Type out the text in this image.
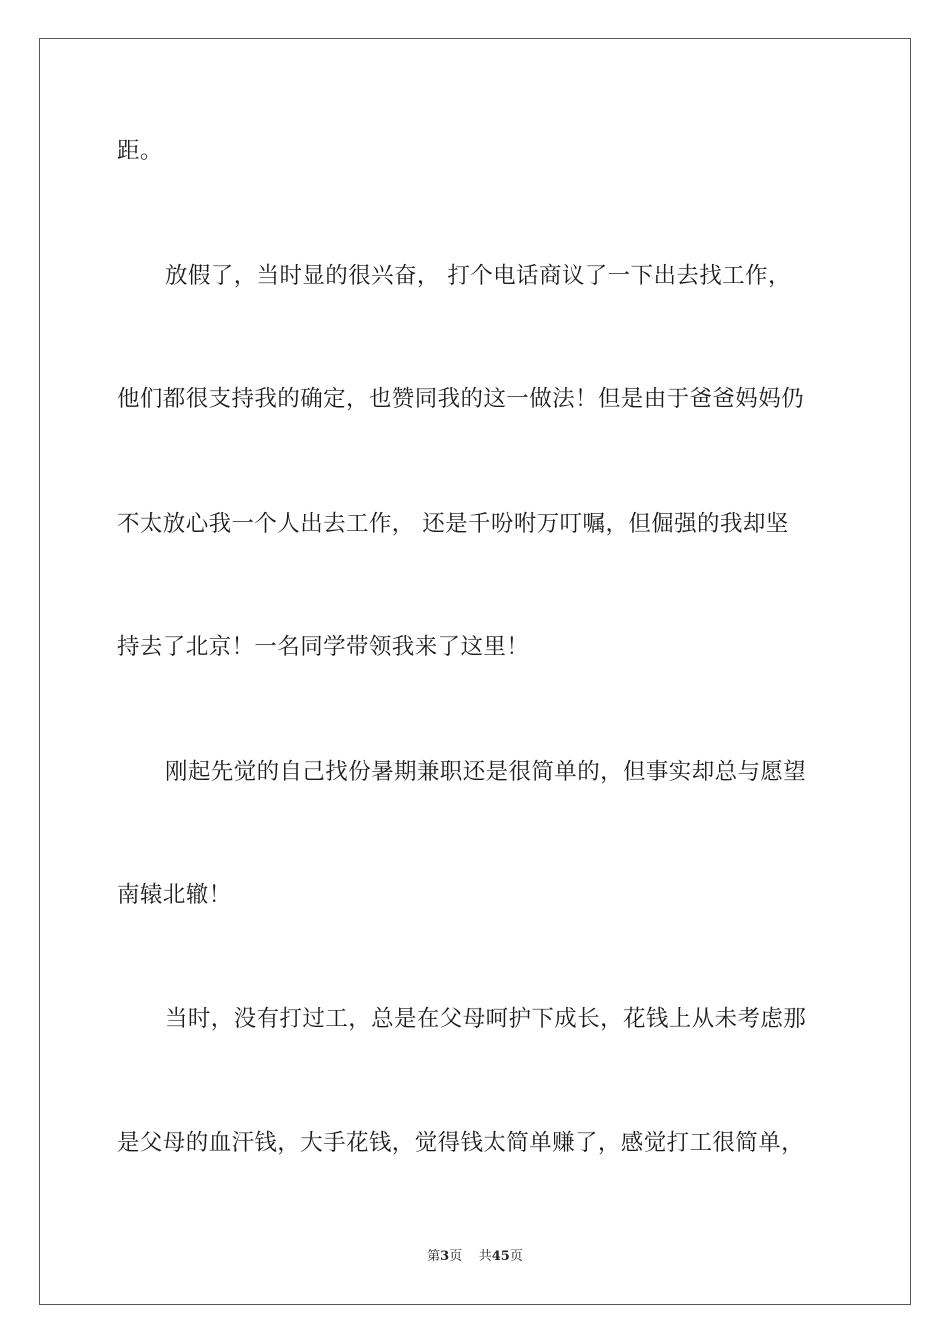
距。
放假了，当时显的很兴奋， 打个电话商议了一下出去找工作，
他们都很支持我的确定，也赞同我的这一做法！但是由于爸爸妈妈仍
不太放心我一个人出去工作， 还是千吩咐万叮嘱，但倔强的我却坚
持去了北京！一名同学带领我来了这里！
刚起先觉的自己找份暑期兼职还是很简单的，但事实却总与愿望
南辕北辙！
当时，没有打过工，总是在父母呵护下成长，花钱上从未考虑那
是父母的血汗钱，大手花钱，觉得钱太简单赚了，感觉打工很简单，
第3页 共45页
